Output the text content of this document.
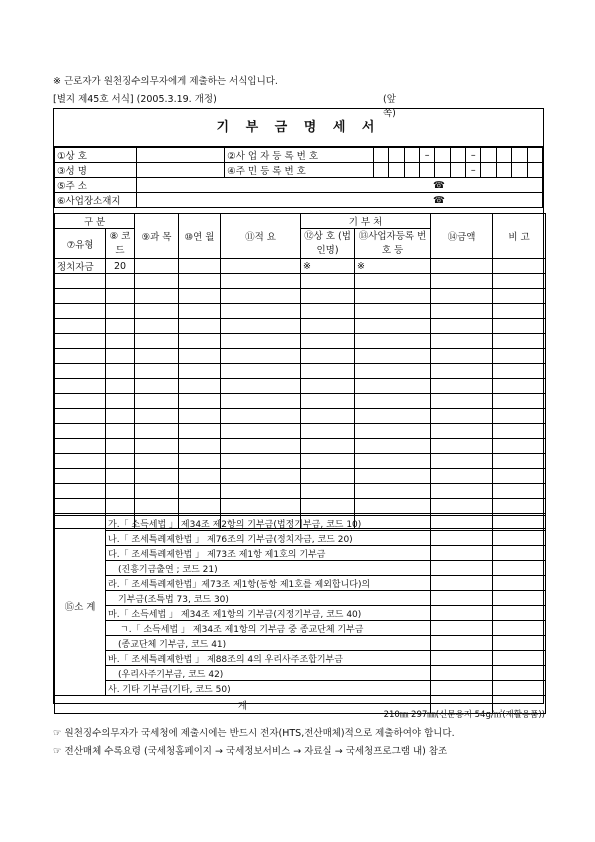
※ 근로자가 원천징수의무자에게 제출하는 서식입니다.
[별지 제45호 서식] (2005.3.19. 개정)	(앞 쪽)
기 부 금 명 세 서
①상 호		②사 업 자 등 록 번 호				–			–				
③성 명		④주 민 등 록 번 호							–				
⑤주 소	☎												
⑥사업장소재지	☎												
구 분		⑨과 목	⑩연 월	⑪적 요	기 부 처		⑭금액	비 고
⑦유형	⑧ 코드				⑫상 호 (법인명)	⑬사업자등록 번호 등		
정치자금	20				※	※		

⑮소 계	가.「 소득세법 」 제34조 제2항의 기부금(법정기부금, 코드 10)		
	나.「 조세특례제한법 」 제76조의 기부금(정치자금, 코드 20)		
	다.「 조세특례제한법 」 제73조 제1항 제1호의 기부금		
	(진흥기금출연 ; 코드 21)		
	라.「 조세특례제한법」제73조 제1항(동항 제1호를 제외합니다)의		
	기부금(조특법 73, 코드 30)		
	마.「 소득세법 」 제34조 제1항의 기부금(지정기부금, 코드 40)		
	ㄱ.「 소득세법 」 제34조 제1항의 기부금 중 종교단체 기부금		
	(종교단체 기부금, 코드 41)		
	바.「 조세특례제한법 」 제88조의 4의 우리사주조합기부금		
	(우리사주기부금, 코드 42)		
	사. 기타 기부금(기타, 코드 50)		
계			
210㎜ 297㎜(신문용지 54g/㎡(재활용품))
☞ 원천징수의무자가 국세청에 제출시에는 반드시 전자(HTS,전산매체)적으로 제출하여야 합니다.
☞ 전산매체 수록요령 (국세청홈페이지 → 국세정보서비스 → 자료실 → 국세청프로그램 내) 참조
